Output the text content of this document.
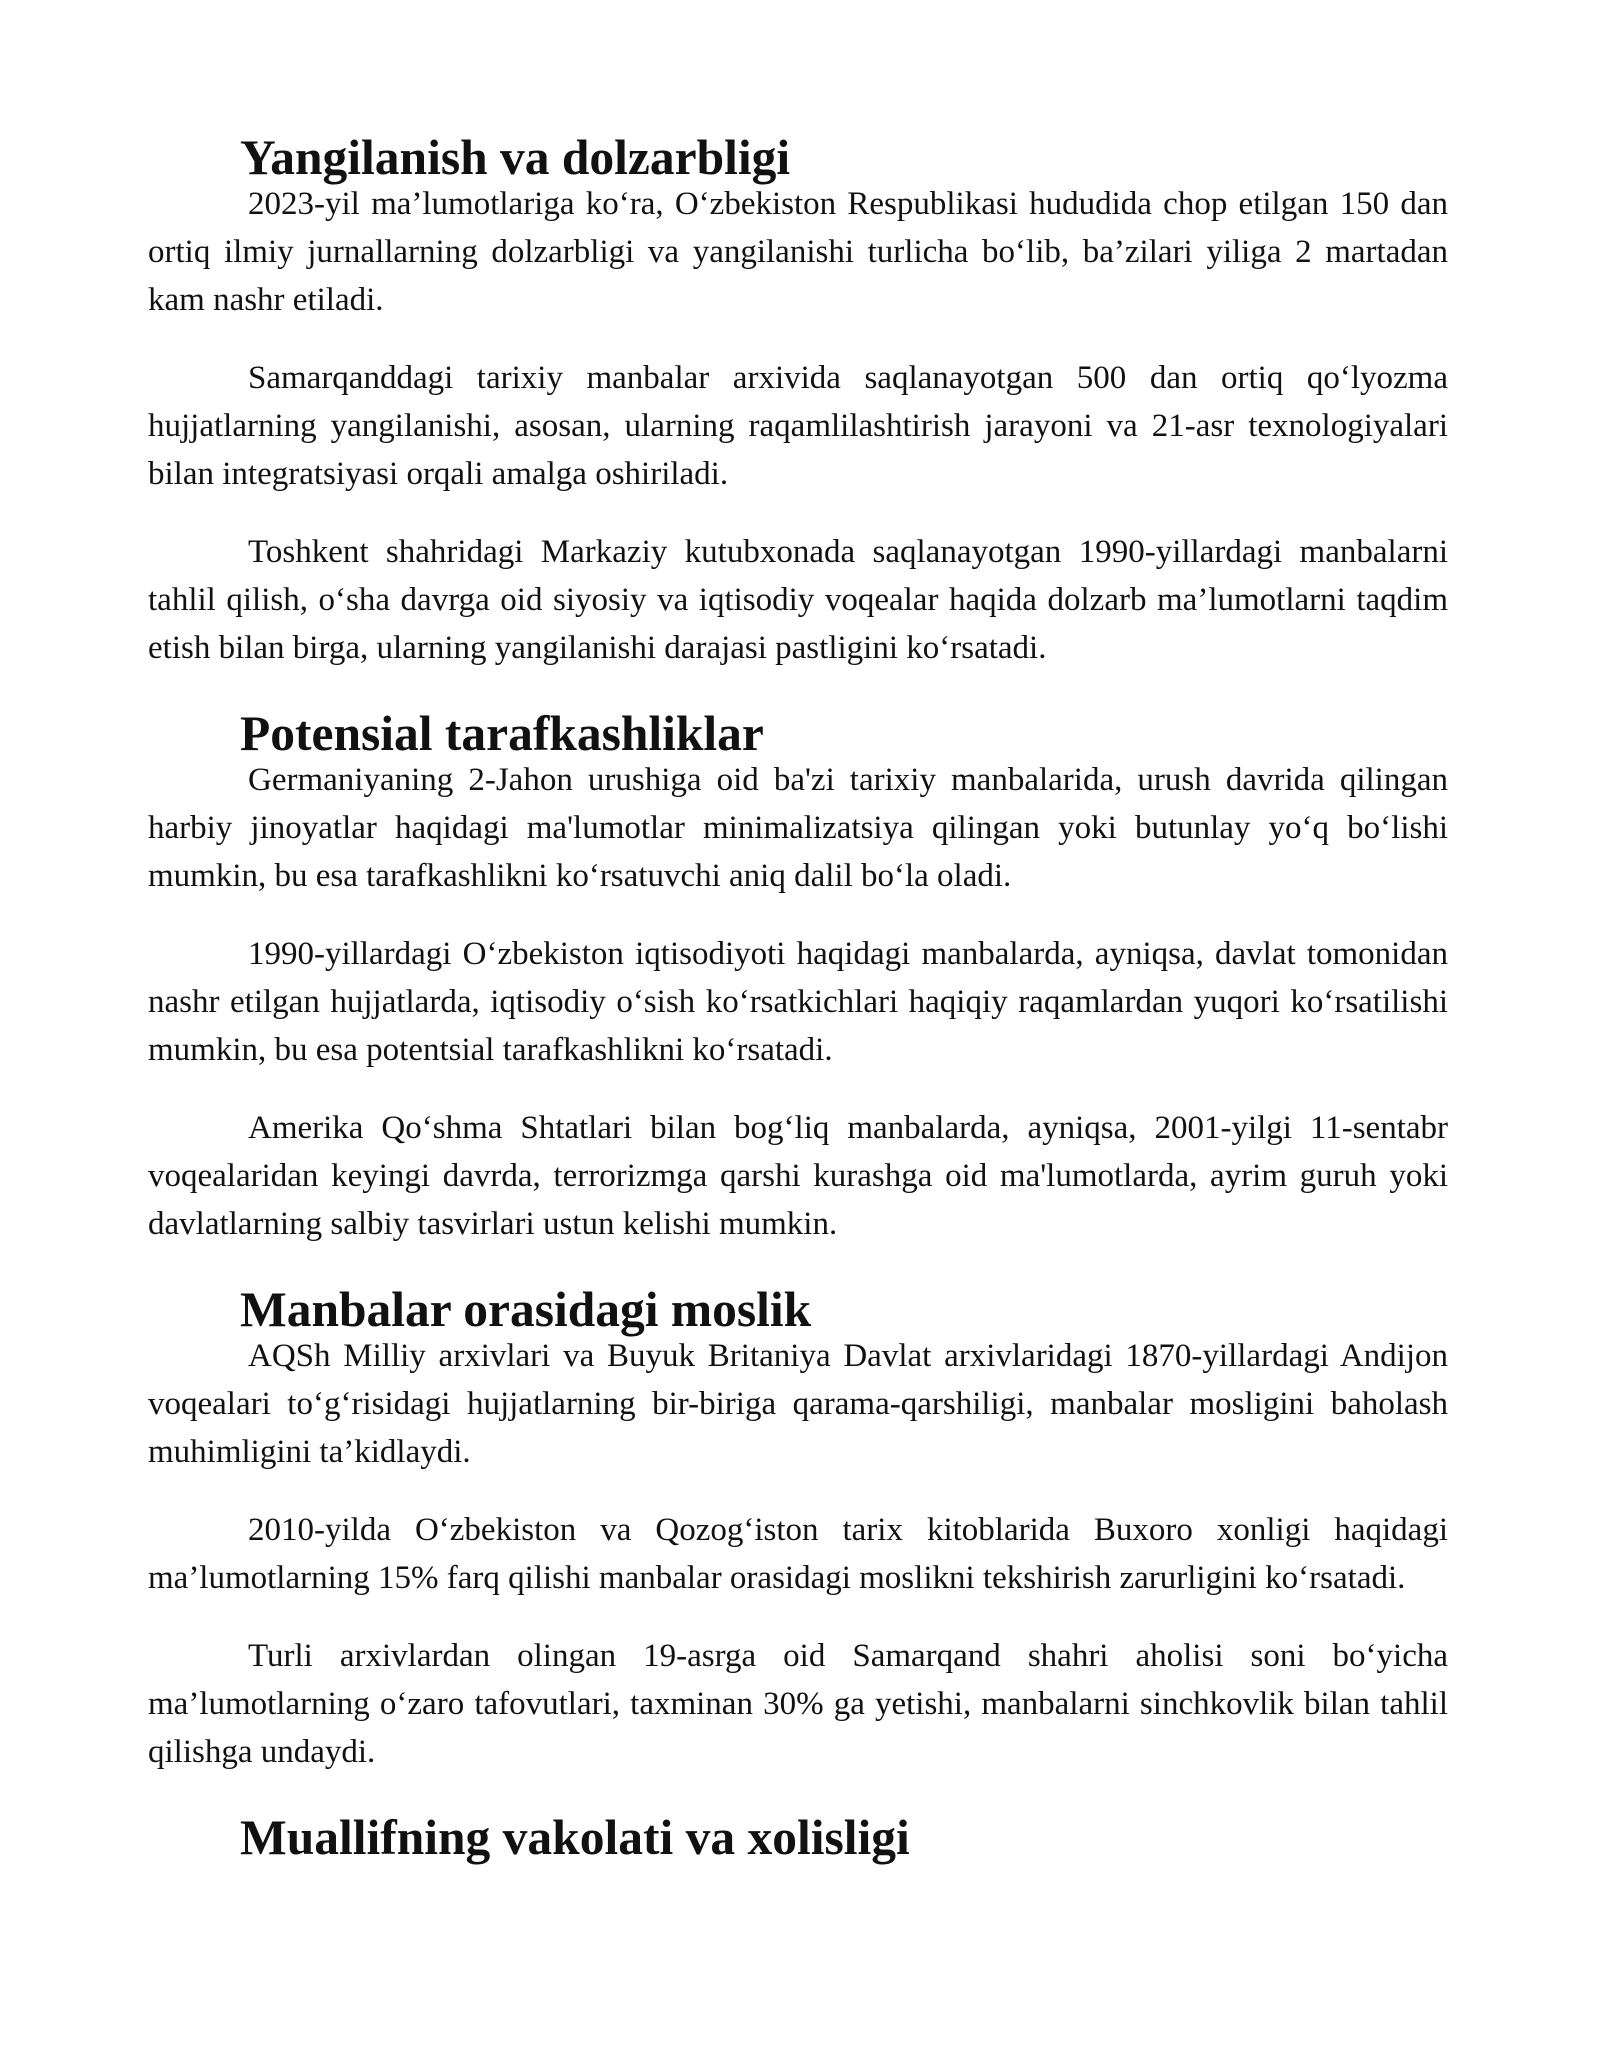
Yangilanish va dolzarbligi

2023-yil ma’lumotlariga ko‘ra, O‘zbekiston Respublikasi hududida chop etilgan 150 dan ortiq ilmiy jurnallarning dolzarbligi va yangilanishi turlicha bo‘lib, ba’zilari yiliga 2 martadan kam nashr etiladi.

Samarqanddagi tarixiy manbalar arxivida saqlanayotgan 500 dan ortiq qo‘lyozma hujjatlarning yangilanishi, asosan, ularning raqamlilashtirish jarayoni va 21-asr texnologiyalari bilan integratsiyasi orqali amalga oshiriladi.

Toshkent shahridagi Markaziy kutubxonada saqlanayotgan 1990-yillardagi manbalarni tahlil qilish, o‘sha davrga oid siyosiy va iqtisodiy voqealar haqida dolzarb ma’lumotlarni taqdim etish bilan birga, ularning yangilanishi darajasi pastligini ko‘rsatadi.

Potensial tarafkashliklar

Germaniyaning 2-Jahon urushiga oid ba'zi tarixiy manbalarida, urush davrida qilingan harbiy jinoyatlar haqidagi ma'lumotlar minimalizatsiya qilingan yoki butunlay yo‘q bo‘lishi mumkin, bu esa tarafkashlikni ko‘rsatuvchi aniq dalil bo‘la oladi.

1990-yillardagi O‘zbekiston iqtisodiyoti haqidagi manbalarda, ayniqsa, davlat tomonidan nashr etilgan hujjatlarda, iqtisodiy o‘sish ko‘rsatkichlari haqiqiy raqamlardan yuqori ko‘rsatilishi mumkin, bu esa potentsial tarafkashlikni ko‘rsatadi.

Amerika Qo‘shma Shtatlari bilan bog‘liq manbalarda, ayniqsa, 2001-yilgi 11-sentabr voqealaridan keyingi davrda, terrorizmga qarshi kurashga oid ma'lumotlarda, ayrim guruh yoki davlatlarning salbiy tasvirlari ustun kelishi mumkin.

Manbalar orasidagi moslik

AQSh Milliy arxivlari va Buyuk Britaniya Davlat arxivlaridagi 1870-yillardagi Andijon voqealari to‘g‘risidagi hujjatlarning bir-biriga qarama-qarshiligi, manbalar mosligini baholash muhimligini ta’kidlaydi.

2010-yilda O‘zbekiston va Qozog‘iston tarix kitoblarida Buxoro xonligi haqidagi ma’lumotlarning 15% farq qilishi manbalar orasidagi moslikni tekshirish zarurligini ko‘rsatadi.

Turli arxivlardan olingan 19-asrga oid Samarqand shahri aholisi soni bo‘yicha ma’lumotlarning o‘zaro tafovutlari, taxminan 30% ga yetishi, manbalarni sinchkovlik bilan tahlil qilishga undaydi.

Muallifning vakolati va xolisligi
